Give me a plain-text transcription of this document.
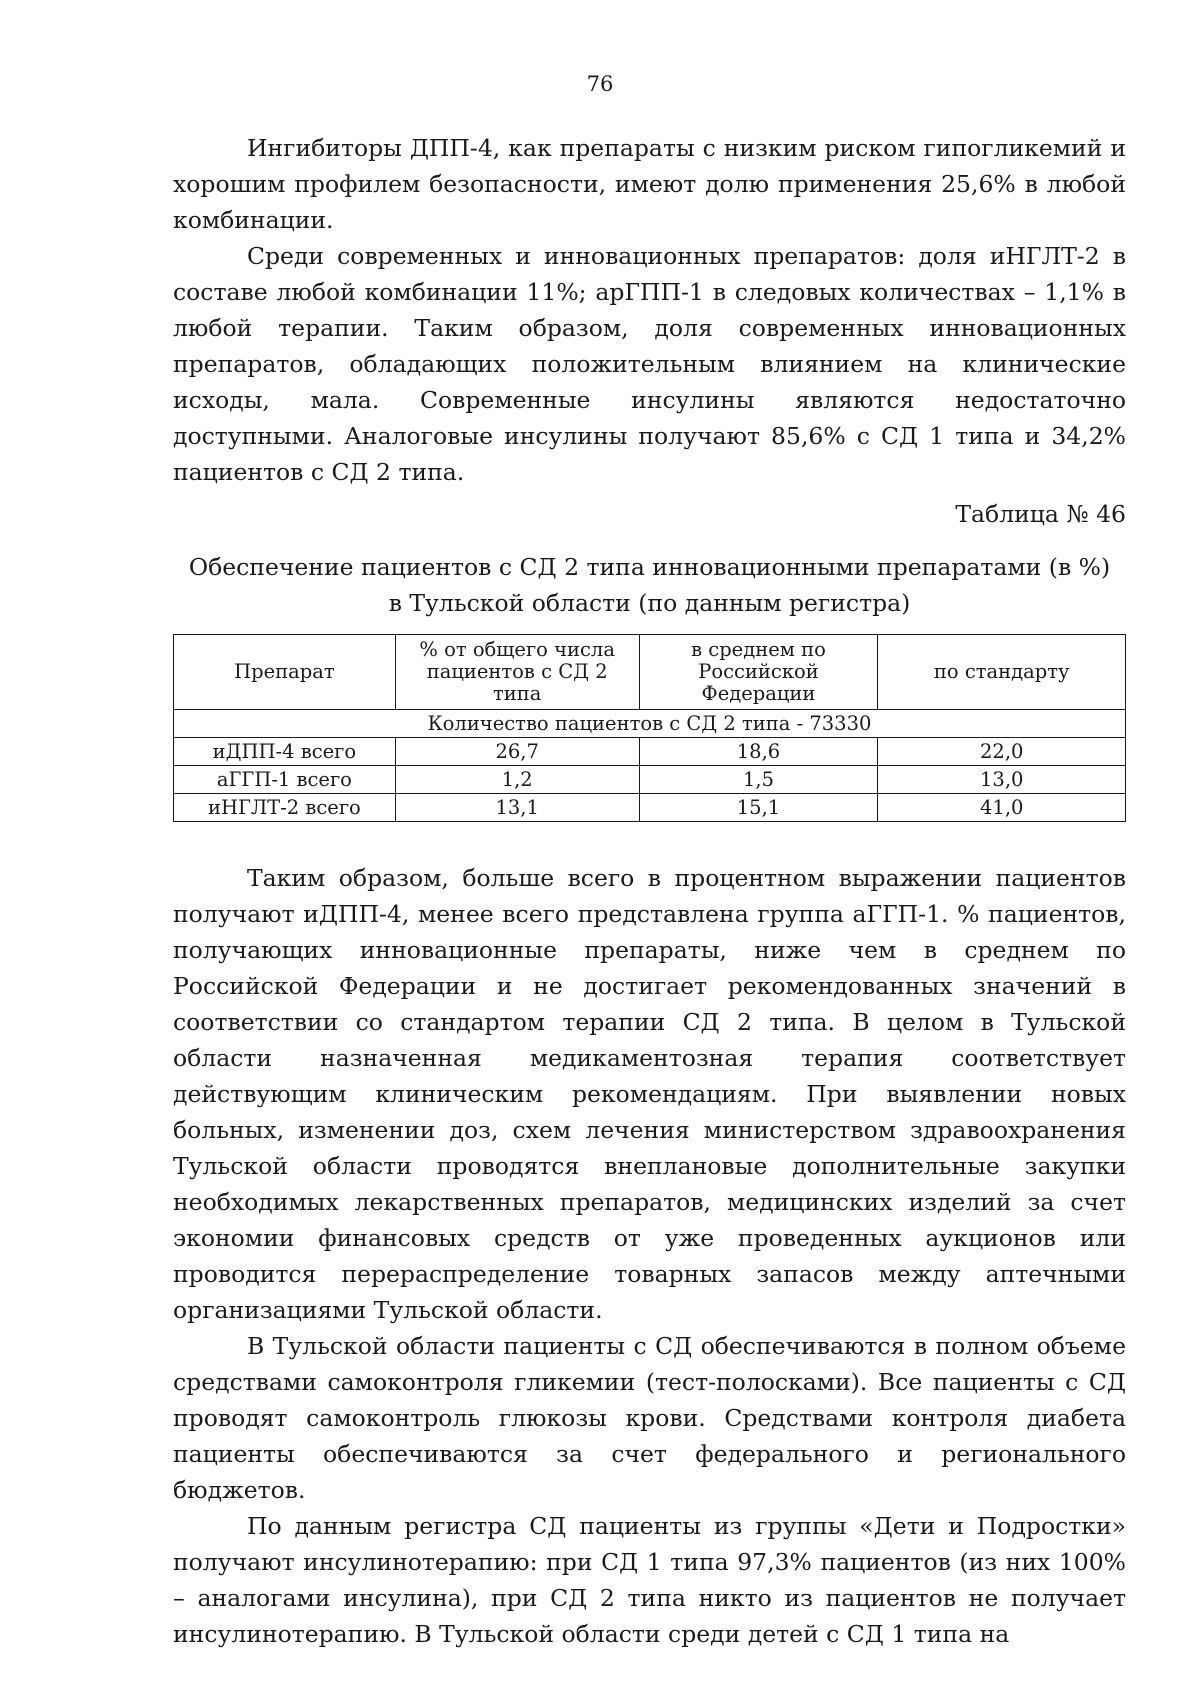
76

Ингибиторы ДПП-4, как препараты с низким риском гипогликемий и хорошим профилем безопасности, имеют долю применения 25,6% в любой комбинации.

Среди современных и инновационных препаратов: доля иНГЛТ-2 в составе любой комбинации 11%; арГПП-1 в следовых количествах – 1,1% в любой терапии. Таким образом, доля современных инновационных препаратов, обладающих положительным влиянием на клинические исходы, мала. Современные инсулины являются недостаточно доступными. Аналоговые инсулины получают 85,6% с СД 1 типа и 34,2% пациентов с СД 2 типа.

Таблица № 46
Обеспечение пациентов с СД 2 типа инновационными препаратами (в %)
в Тульской области (по данным регистра)
Препарат	% от общего числа пациентов с СД 2 типа	в среднем по Российской Федерации	по стандарту
Количество пациентов с СД 2 типа - 73330			
иДПП-4 всего	26,7	18,6	22,0
аГГП-1 всего	1,2	1,5	13,0
иНГЛТ-2 всего	13,1	15,1	41,0

Таким образом, больше всего в процентном выражении пациентов получают иДПП-4, менее всего представлена группа аГГП-1. % пациентов, получающих инновационные препараты, ниже чем в среднем по Российской Федерации и не достигает рекомендованных значений в соответствии со стандартом терапии СД 2 типа. В целом в Тульской области назначенная медикаментозная терапия соответствует действующим клиническим рекомендациям. При выявлении новых больных, изменении доз, схем лечения министерством здравоохранения Тульской области проводятся внеплановые дополнительные закупки необходимых лекарственных препаратов, медицинских изделий за счет экономии финансовых средств от уже проведенных аукционов или проводится перераспределение товарных запасов между аптечными организациями Тульской области.

В Тульской области пациенты с СД обеспечиваются в полном объеме средствами самоконтроля гликемии (тест-полосками). Все пациенты с СД проводят самоконтроль глюкозы крови. Средствами контроля диабета пациенты обеспечиваются за счет федерального и регионального бюджетов.

По данным регистра СД пациенты из группы «Дети и Подростки» получают инсулинотерапию: при СД 1 типа 97,3% пациентов (из них 100% – аналогами инсулина), при СД 2 типа никто из пациентов не получает инсулинотерапию. В Тульской области среди детей с СД 1 типа на
